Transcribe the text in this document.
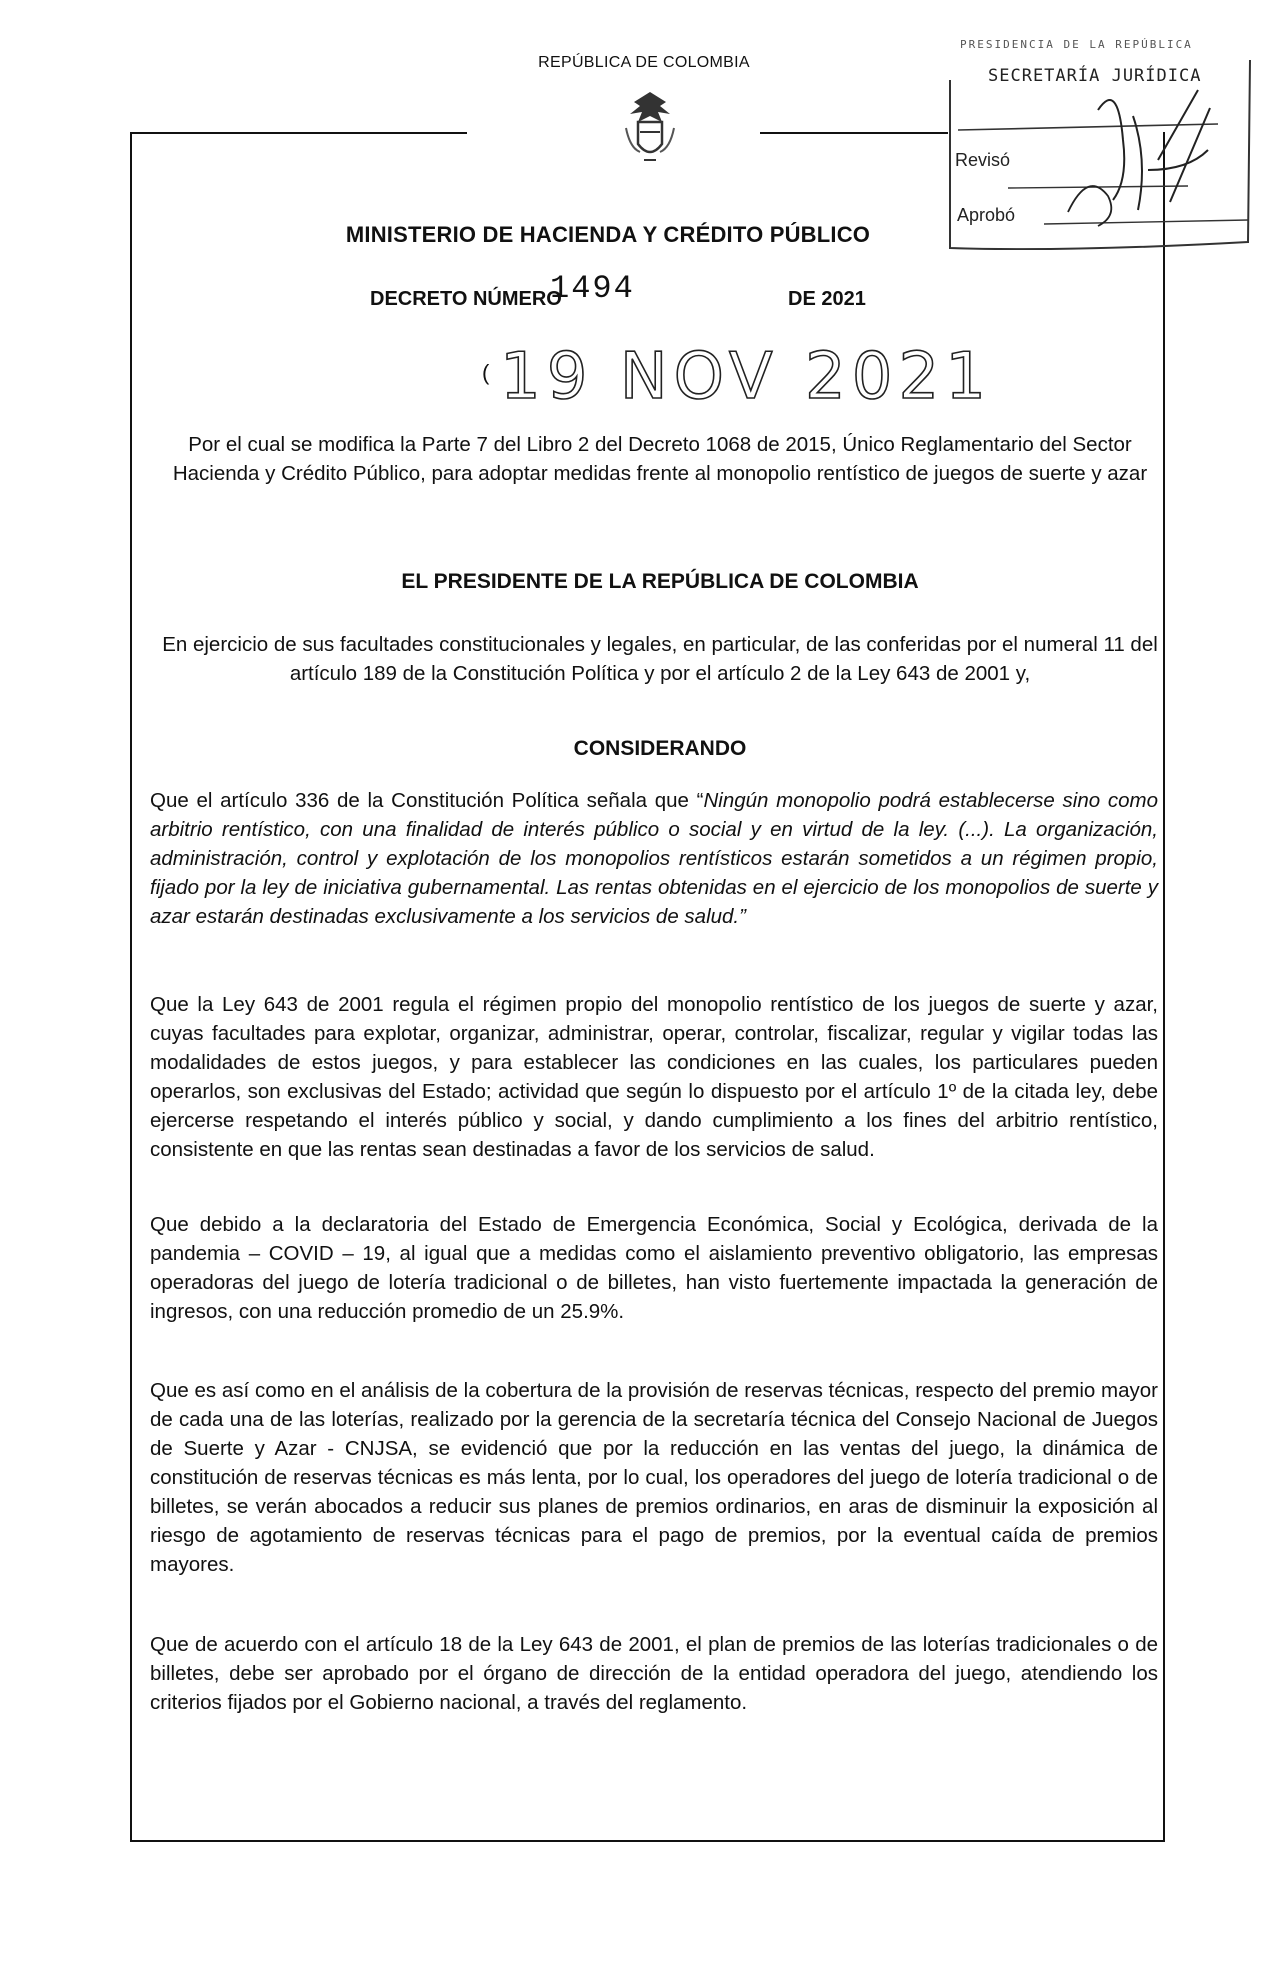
REPÚBLICA DE COLOMBIA
PRESIDENCIA DE LA REPÚBLICA
SECRETARÍA JURÍDICA
Revisó
Aprobó
MINISTERIO DE HACIENDA Y CRÉDITO PÚBLICO
DECRETO NÚMERO
1494	DE 2021
( 19 NOV 2021
Por el cual se modifica la Parte 7 del Libro 2 del Decreto 1068 de 2015, Único Reglamentario del Sector Hacienda y Crédito Público, para adoptar medidas frente al monopolio rentístico de juegos de suerte y azar
EL PRESIDENTE DE LA REPÚBLICA DE COLOMBIA
En ejercicio de sus facultades constitucionales y legales, en particular, de las conferidas por el numeral 11 del artículo 189 de la Constitución Política y por el artículo 2 de la Ley 643 de 2001 y,
CONSIDERANDO
Que el artículo 336 de la Constitución Política señala que “Ningún monopolio podrá establecerse sino como arbitrio rentístico, con una finalidad de interés público o social y en virtud de la ley. (...). La organización, administración, control y explotación de los monopolios rentísticos estarán sometidos a un régimen propio, fijado por la ley de iniciativa gubernamental. Las rentas obtenidas en el ejercicio de los monopolios de suerte y azar estarán destinadas exclusivamente a los servicios de salud.”
Que la Ley 643 de 2001 regula el régimen propio del monopolio rentístico de los juegos de suerte y azar, cuyas facultades para explotar, organizar, administrar, operar, controlar, fiscalizar, regular y vigilar todas las modalidades de estos juegos, y para establecer las condiciones en las cuales, los particulares pueden operarlos, son exclusivas del Estado; actividad que según lo dispuesto por el artículo 1º de la citada ley, debe ejercerse respetando el interés público y social, y dando cumplimiento a los fines del arbitrio rentístico, consistente en que las rentas sean destinadas a favor de los servicios de salud.
Que debido a la declaratoria del Estado de Emergencia Económica, Social y Ecológica, derivada de la pandemia – COVID – 19, al igual que a medidas como el aislamiento preventivo obligatorio, las empresas operadoras del juego de lotería tradicional o de billetes, han visto fuertemente impactada la generación de ingresos, con una reducción promedio de un 25.9%.
Que es así como en el análisis de la cobertura de la provisión de reservas técnicas, respecto del premio mayor de cada una de las loterías, realizado por la gerencia de la secretaría técnica del Consejo Nacional de Juegos de Suerte y Azar - CNJSA, se evidenció que por la reducción en las ventas del juego, la dinámica de constitución de reservas técnicas es más lenta, por lo cual, los operadores del juego de lotería tradicional o de billetes, se verán abocados a reducir sus planes de premios ordinarios, en aras de disminuir la exposición al riesgo de agotamiento de reservas técnicas para el pago de premios, por la eventual caída de premios mayores.
Que de acuerdo con el artículo 18 de la Ley 643 de 2001, el plan de premios de las loterías tradicionales o de billetes, debe ser aprobado por el órgano de dirección de la entidad operadora del juego, atendiendo los criterios fijados por el Gobierno nacional, a través del reglamento.
